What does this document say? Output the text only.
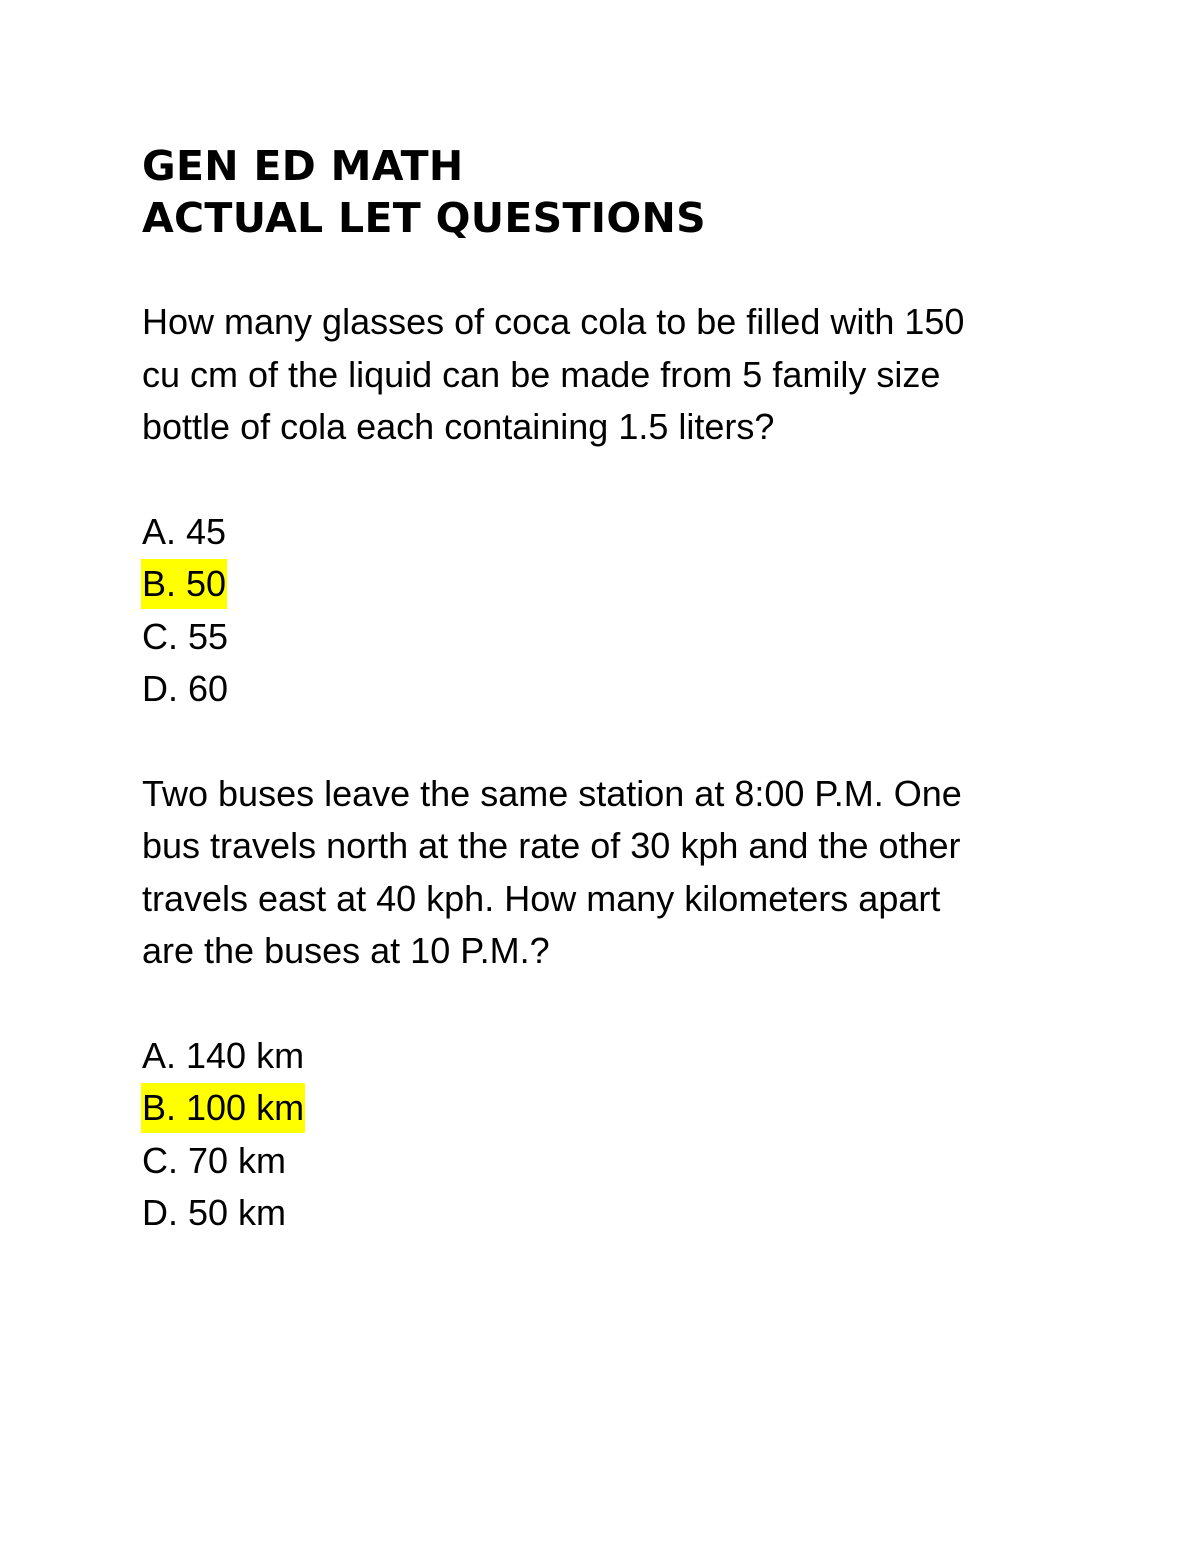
GEN ED MATH
ACTUAL LET QUESTIONS
How many glasses of coca cola to be filled with 150
cu cm of the liquid can be made from 5 family size
bottle of cola each containing 1.5 liters?
A. 45
B. 50
C. 55
D. 60
Two buses leave the same station at 8:00 P.M. One
bus travels north at the rate of 30 kph and the other
travels east at 40 kph. How many kilometers apart
are the buses at 10 P.M.?
A. 140 km
B. 100 km
C. 70 km
D. 50 km
